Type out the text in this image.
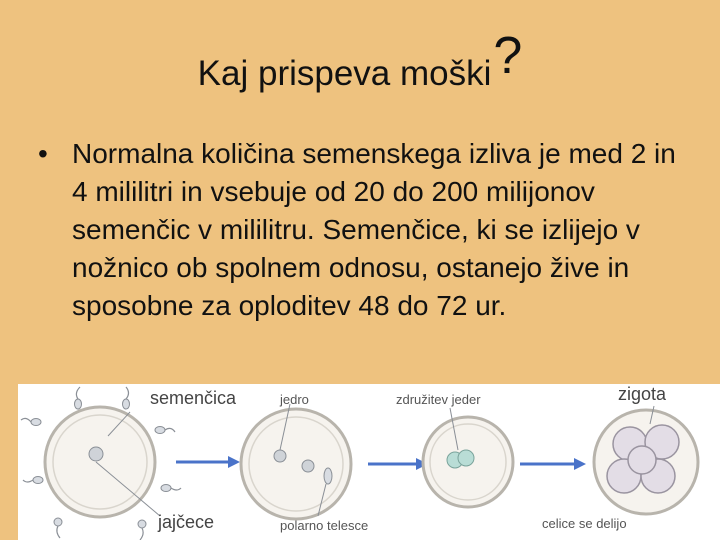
Kaj prispeva moški?
• Normalna količina semenskega izliva je med 2 in 4 mililitri in vsebuje od 20 do 200 milijonov semenčic v mililitru. Semenčice, ki se izlijejo v nožnico ob spolnem odnosu, ostanejo žive in sposobne za oploditev 48 do 72 ur.
semenčica	jedro	združitev jeder	zigota
jajčece	polarno telesce	celice se delijo
